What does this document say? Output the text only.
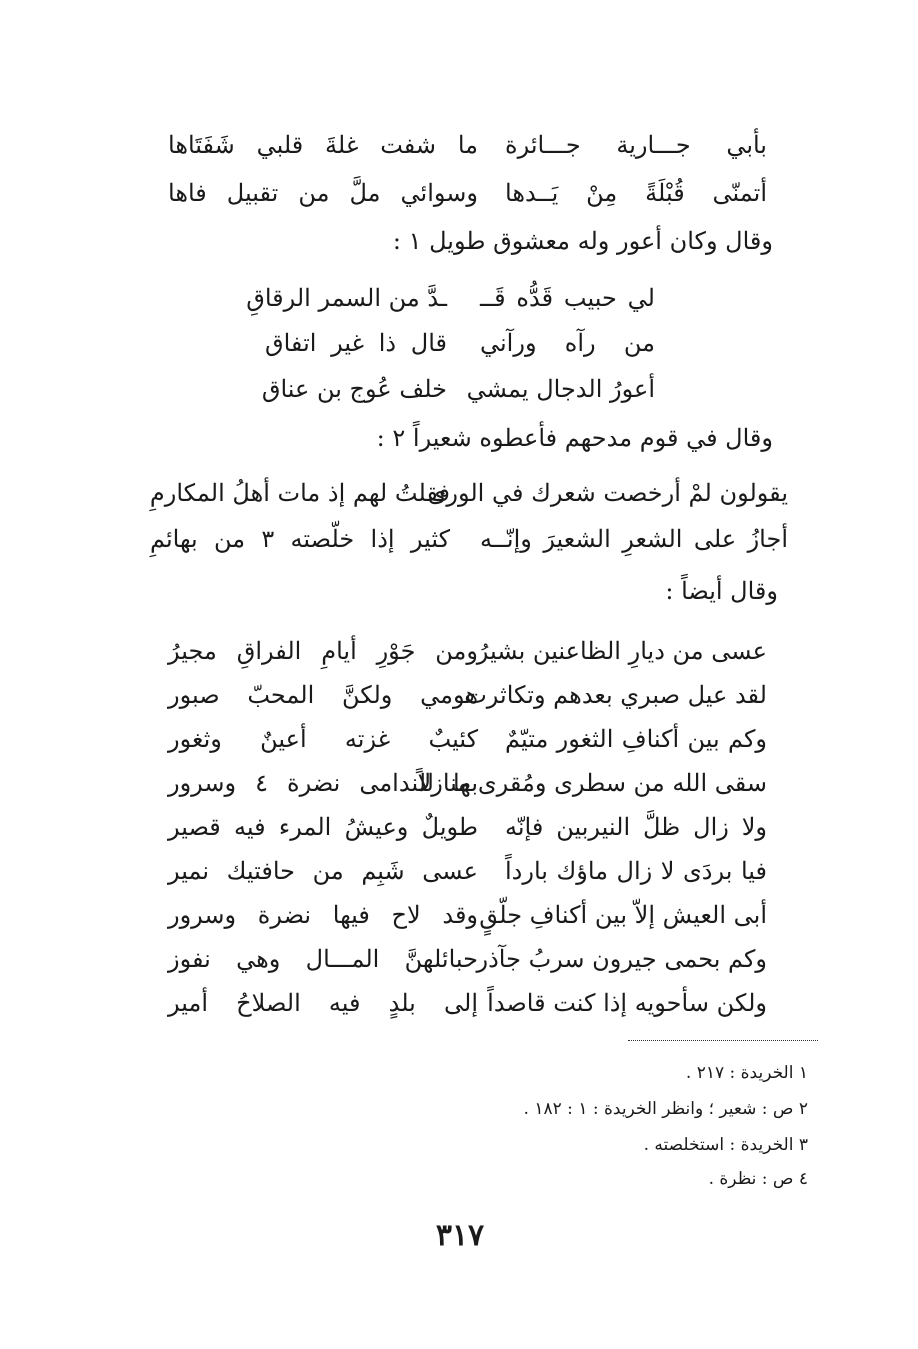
بأبي جـــارية جـــائرة
ما شفت غلةَ قلبي شَفَتَاها
أتمنّى قُبْلَةً مِنْ يَــدها
وسوائي ملَّ من تقبيل فاها
وقال وكان أعور وله معشوق طويل ١ :
لي حبيب قَدُّه قَــ
ـدَّ من السمر الرقاقِ
من رآه ورآني
قال ذا غير اتفاق
أعورُ الدجال يمشي
خلف عُوج بن عناق
وقال في قوم مدحهم فأعطوه شعيراً ٢ :
يقولون لمْ أرخصت شعرك في الورى
فقلتُ لهم إذ مات أهلُ المكارمِ
أجازُ على الشعرِ الشعيرَ وإنّــه
كثير إذا خلّصته ٣ من بهائمِ
وقال أيضاً :
عسى من ديارِ الظاعنين بشيرُ
ومن جَوْرِ أيامِ الفراقِ مجيرُ
لقد عيل صبري بعدهم وتكاثرت
هومي ولكنَّ المحبّ صبور
وكم بين أكنافِ الثغور متيّمٌ
كئيبٌ غزته أعينٌ وثغور
سقى الله من سطرى ومُقرى منازلاً
بها للندامى نضرة ٤ وسرور
ولا زال ظلَّ النيربين فإنّه
طويلٌ وعيشُ المرء فيه قصير
فيا بردَى لا زال ماؤك بارداً
عسى شَبِم من حافتيك نمير
أبى العيش إلاّ بين أكنافِ جلّقٍ
وقد لاح فيها نضرة وسرور
وكم بحمى جيرون سربُ جآذر
حبائلهنَّ المـــال وهي نفوز
ولكن سأحويه إذا كنت قاصداً
إلى بلدٍ فيه الصلاحُ أمير
١ الخريدة : ٢١٧ .
٢ ص : شعير ؛ وانظر الخريدة : ١ : ١٨٢ .
٣ الخريدة : استخلصته .
٤ ص : نظرة .
٣١٧
